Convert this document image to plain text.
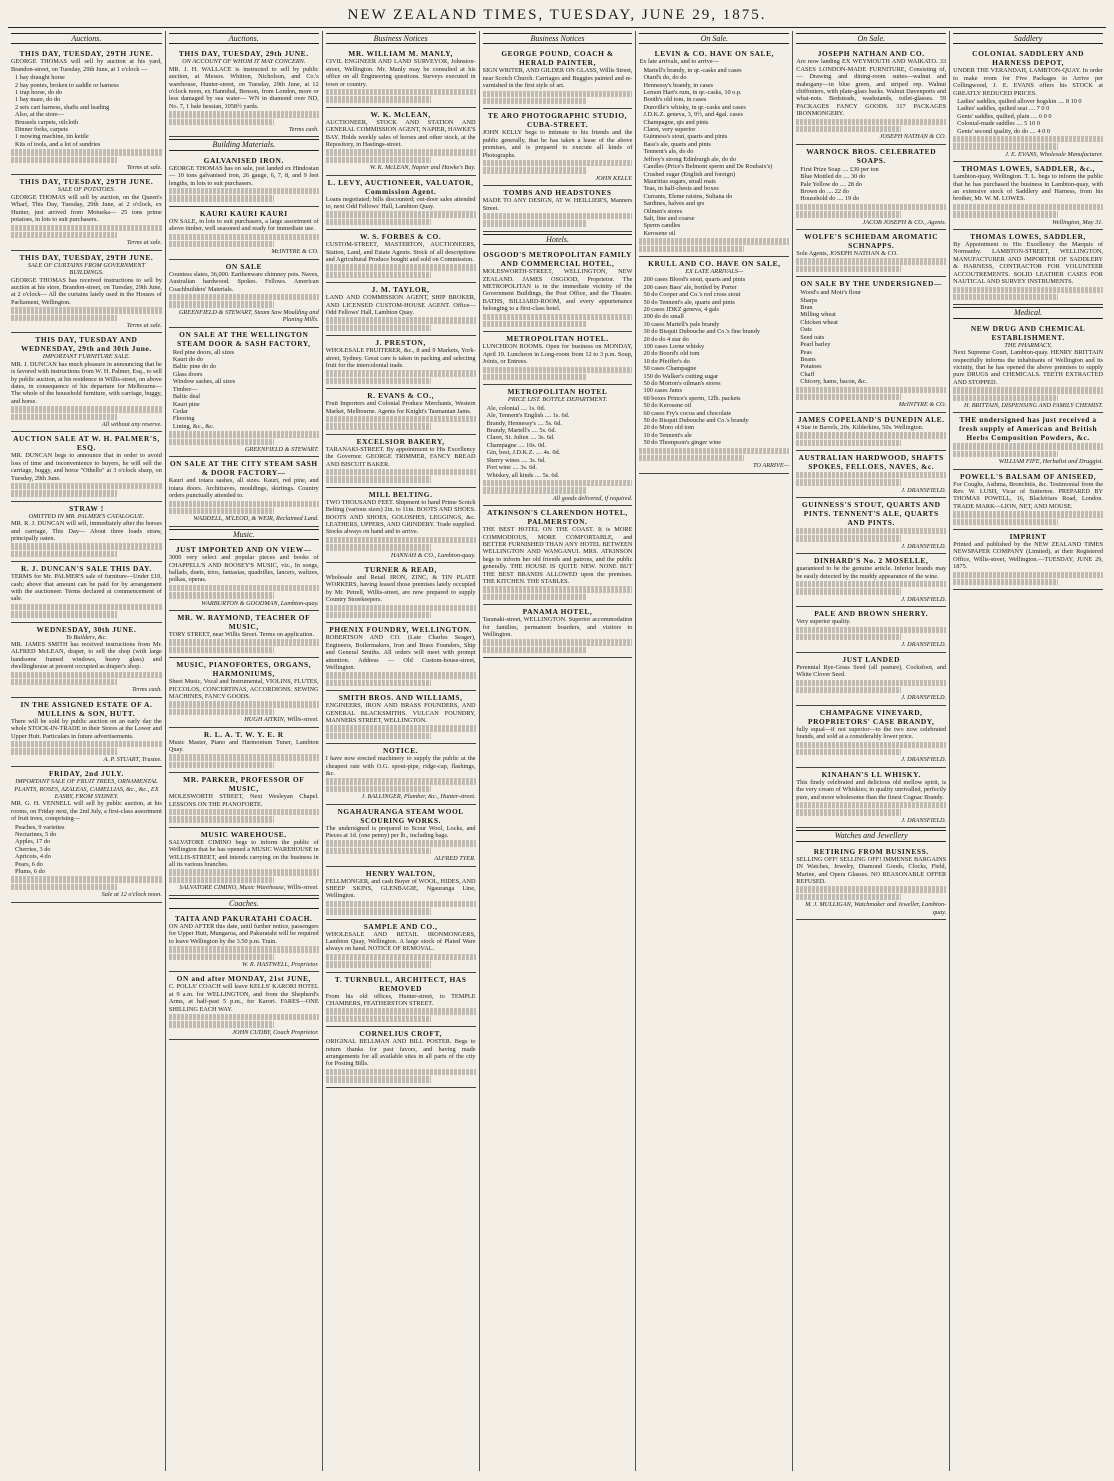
NEW ZEALAND TIMES, TUESDAY, JUNE 29, 1875.
Auctions.
THIS DAY, TUESDAY, 29TH JUNE.
GEORGE THOMAS will sell by auction at his yard, Brandon-street, on Tuesday, 29th June, at 1 o'clock —
1 bay draught horse
2 bay ponies, broken to saddle or harness
1 trap horse, do do
1 bay mare, do do
2 sets cart harness, shafts and leading
Also, at the store—
Brussels carpets, oilcloth
Dinner forks, carpets
1 mowing machine, tin kettle
Kits of tools, and a lot of sundries
Terms at sale.
THIS DAY, TUESDAY, 29TH JUNE.
SALE OF POTATOES.
GEORGE THOMAS will sell by auction, on the Queen's Wharf, This Day, Tuesday, 29th June, at 2 o'clock, ex Hunter, just arrived from Motueka— 25 tons prime potatoes, in lots to suit purchasers.
Terms at sale.
THIS DAY, TUESDAY, 29TH JUNE.
SALE OF CURTAINS FROM GOVERNMENT BUILDINGS.
GEORGE THOMAS has received instructions to sell by auction at his store, Brandon-street, on Tuesday, 29th June, at 2 o'clock— All the curtains lately used in the Houses of Parliament, Wellington.
Terms at sale.
THIS DAY, TUESDAY AND WEDNESDAY, 29th and 30th June.
IMPORTANT FURNITURE SALE.
MR. J. DUNCAN has much pleasure in announcing that he is favored with instructions from W. H. Palmer, Esq., to sell by public auction, at his residence in Willis-street, on above dates, in consequence of his departure for Melbourne— The whole of the household furniture, with carriage, buggy, and horse.
All without any reserve.
AUCTION SALE AT W. H. PALMER'S, ESQ.
MR. DUNCAN begs to announce that in order to avoid loss of time and inconvenience to buyers, he will sell the carriage, buggy, and horse "Othello" at 3 o'clock sharp, on Tuesday, 29th June.
STRAW !
OMITTED IN MR. PALMER'S CATALOGUE.
MR. R. J. DUNCAN will sell, immediately after the horses and carriage, This Day— About three loads straw, principally oaten.
R. J. DUNCAN'S SALE THIS DAY.
TERMS for Mr. PALMER'S sale of furniture—Under £10, cash; above that amount can be paid for by arrangement with the auctioneer. Terms declared at commencement of sale.
WEDNESDAY, 30th JUNE.
To Builders, &c.
MR. JAMES SMITH has received instructions from Mr. ALFRED McLEAN, draper, to sell the shop (with large handsome framed windows, heavy glass) and dwellinghouse at present occupied as draper's shop.
Terms cash.
IN THE ASSIGNED ESTATE OF A. MULLINS & SON, HUTT.
There will be sold by public auction on an early day the whole STOCK-IN-TRADE in their Stores at the Lower and Upper Hutt. Particulars in future advertisements.
A. P. STUART, Trustee.
FRIDAY, 2nd JULY.
IMPORTANT SALE OF FRUIT TREES, ORNAMENTAL PLANTS, ROSES, AZALEAS, CAMELLIAS, &c., &c., EX EASBY, FROM SYDNEY.
MR. G. H. VENNELL will sell by public auction, at his rooms, on Friday next, the 2nd July, a first-class assortment of fruit trees, comprising—
Peaches, 9 varieties
Nectarines, 5 do
Apples, 17 do
Cherries, 3 do
Apricots, 4 do
Pears, 6 do
Plums, 6 do
Sale at 12 o'clock noon.
Auctions.
THIS DAY, TUESDAY, 29th JUNE.
ON ACCOUNT OF WHOM IT MAY CONCERN.
MR. J. H. WALLACE is instructed to sell by public auction, at Messrs. Whitton, Nicholson, and Co.'s warehouse, Hunter-street, on Tuesday, 29th June, at 12 o'clock noon, ex Hannibal, Benson, from London, more or less damaged by sea water— WN in diamond over ND, No. 7, 1 bale hessian, 1058½ yards.
Terms cash.
Building Materials.
GALVANISED IRON.
GEORGE THOMAS has on sale, just landed ex Hindostan— 10 tons galvanised iron, 26 gauge, 6, 7, 8, and 9 feet lengths, in lots to suit purchasers.
KAURI KAURI KAURI
ON SALE, in lots to suit purchasers, a large assortment of above timber, well seasoned and ready for immediate use.
McINTYRE & CO.
ON SALE
Countess slates, 36,000. Earthenware chimney pots. Naves, Australian hardwood. Spokes. Fellows. American Coachbuilders' Materials.
GREENFIELD & STEWART, Steam Saw Moulding and Planing Mills.
ON SALE AT THE WELLINGTON STEAM DOOR & SASH FACTORY,
Red pine doors, all sizes
Kauri do do
Baltic pine do do
Glass doors
Window sashes, all sizes
Timber—
Baltic deal
Kauri pine
Cedar
Flooring
Lining, &c., &c.
GREENFIELD & STEWART.
ON SALE AT THE CITY STEAM SASH & DOOR FACTORY—
Kauri and totara sashes, all sizes. Kauri, red pine, and totara doors. Architraves, mouldings, skirtings. Country orders punctually attended to.
WADDELL, M'LEOD, & WEIR, Reclaimed Land.
Music.
JUST IMPORTED AND ON VIEW—
3000 very select and popular pieces and books of CHAPPELL'S AND BOOSEY'S MUSIC, viz., In songs, ballads, duets, trios, fantasias, quadrilles, lancers, waltzes, polkas, operas.
WARBURTON & GOODMAN, Lambton-quay.
MR. W. RAYMOND, TEACHER OF MUSIC,
TORY STREET, near Willis Street. Terms on application.
MUSIC, PIANOFORTES, ORGANS, HARMONIUMS,
Sheet Music, Vocal and Instrumental, VIOLINS, FLUTES, PICCOLOS, CONCERTINAS, ACCORDIONS. SEWING MACHINES, FANCY GOODS.
HUGH AITKIN, Willis-street.
R. L. A. T. W. Y. E. R
Music Master, Piano and Harmonium Tuner, Lambton Quay.
MR. PARKER, PROFESSOR OF MUSIC,
MOLESWORTH STREET, Next Wesleyan Chapel. LESSONS ON THE PIANOFORTE.
MUSIC WAREHOUSE.
SALVATORE CIMINO begs to inform the public of Wellington that he has opened a MUSIC WAREHOUSE in WILLIS-STREET, and intends carrying on the business in all its various branches.
SALVATORE CIMINO, Music Warehouse, Willis-street.
Coaches.
TAITA AND PAKURATAHI COACH.
ON AND AFTER this date, until further notice, passengers for Upper Hutt, Mungaroa, and Pakuratahi will be required to leave Wellington by the 3.50 p.m. Train.
W. R. HASTWELL, Proprietor.
ON and after MONDAY, 21st JUNE,
C. POLLS' COACH will leave KELLS' KARORI HOTEL at 9 a.m. for WELLINGTON, and from the Shepherd's Arms, at half-past 5 p.m., for Karori. FARES—ONE SHILLING EACH WAY.
JOHN CUDBY, Coach Proprietor.
Business Notices
MR. WILLIAM M. MANLY,
CIVIL ENGINEER AND LAND SURVEYOR, Johnston-street, Wellington. Mr. Manly may be consulted at his office on all Engineering questions. Surveys executed in town or country.
W. K. McLEAN,
AUCTIONEER, STOCK AND STATION AND GENERAL COMMISSION AGENT, NAPIER, HAWKE'S BAY. Holds weekly sales of horses and other stock, at the Repository, in Hastings-street.
W. K. McLEAN, Napier and Hawke's Bay.
L. LEVY, AUCTIONEER, VALUATOR, Commission Agent.
Loans negotiated; bills discounted; out-door sales attended to, next Odd Fellows' Hall, Lambton Quay.
W. S. FORBES & CO.
CUSTOM-STREET, MASTERTON, AUCTIONEERS, Station, Land, and Estate Agents. Stock of all descriptions and Agricultural Produce bought and sold on Commission.
J. M. TAYLOR,
LAND AND COMMISSION AGENT, SHIP BROKER, AND LICENSED CUSTOM-HOUSE AGENT. Office—Odd Fellows' Hall, Lambton Quay.
J. PRESTON,
WHOLESALE FRUITERER, &c., 8 and 9 Markets, York-street, Sydney. Great care is taken in packing and selecting fruit for the intercolonial trade.
R. EVANS & CO.,
Fruit Importers and Colonial Produce Merchants, Western Market, Melbourne. Agents for Knight's Tasmanian Jams.
EXCELSIOR BAKERY,
TARANAKI-STREET. By appointment to His Excellency the Governor. GEORGE TRIMMER, FANCY BREAD AND BISCUIT BAKER.
MILL BELTING.
TWO THOUSAND FEET. Shipment to hand Prime Scotch Belting (various sizes) 2in. to 11in. BOOTS AND SHOES. BOOTS AND SHOES, GOLOSHES, LEGGINGS, &c. LEATHERS, UPPERS, AND GRINDERY. Trade supplied. Stocks always on hand and to arrive.
HANNAH & CO., Lambton-quay.
TURNER & READ,
Wholesale and Retail IRON, ZINC, & TIN PLATE WORKERS, having leased those premises lately occupied by Mr. Petrell, Willis-street, are now prepared to supply Country Storekeepers.
PHŒNIX FOUNDRY, WELLINGTON.
ROBERTSON AND CO. (Late Charles Seager), Engineers, Boilermakers, Iron and Brass Founders, Ship and General Smiths. All orders will meet with prompt attention. Address — Old Custom-house-street, Wellington.
SMITH BROS. AND WILLIAMS,
ENGINEERS, IRON AND BRASS FOUNDERS, AND GENERAL BLACKSMITHS. VULCAN FOUNDRY, MANNERS STREET, WELLINGTON.
NOTICE.
I have now erected machinery to supply the public at the cheapest rate with O.G. spout-pipe, ridge-cap, flashings, &c.
J. BALLINGER, Plumber, &c., Hunter-street.
NGAHAURANGA STEAM WOOL SCOURING WORKS.
The undersigned is prepared to Scour Wool, Locks, and Pieces at 1d. (one penny) per lb., including bags.
ALFRED TYER.
HENRY WALTON,
FELLMONGER, and cash Buyer of WOOL, HIDES, AND SHEEP SKINS, GLENBAGIE, Ngauranga Line, Wellington.
SAMPLE AND CO.,
WHOLESALE AND RETAIL IRONMONGERS, Lambton Quay, Wellington. A large stock of Plated Ware always on hand. NOTICE OF REMOVAL.
T. TURNBULL, ARCHITECT, HAS REMOVED
From his old offices, Hunter-street, to TEMPLE CHAMBERS, FEATHERSTON STREET.
CORNELIUS CROFT,
ORIGINAL BELLMAN AND BILL POSTER. Begs to return thanks for past favors, and having made arrangements for all available sites in all parts of the city for Posting Bills.
Business Notices
GEORGE POUND, COACH & HERALD PAINTER,
SIGN WRITER, AND GILDER ON GLASS, Willis Street, near Scotch Church. Carriages and Buggies painted and re-varnished in the first style of art.
TE ARO PHOTOGRAPHIC STUDIO, CUBA-STREET.
JOHN KELLY begs to intimate to his friends and the public generally, that he has taken a lease of the above premises, and is prepared to execute all kinds of Photographs.
JOHN KELLY.
TOMBS AND HEADSTONES
MADE TO ANY DESIGN, AT W. HEILLIER'S, Manners Street.
Hotels.
OSGOOD'S METROPOLITAN FAMILY AND COMMERCIAL HOTEL,
MOLESWORTH-STREET, WELLINGTON, NEW ZEALAND. JAMES OSGOOD, Proprietor. The METROPOLITAN is in the immediate vicinity of the Government Buildings, the Post Office, and the Theatre. BATHS, BILLIARD-ROOM, and every appurtenance belonging to a first-class hotel.
METROPOLITAN HOTEL.
LUNCHEON ROOMS. Open for business on MONDAY, April 19. Luncheon in Long-room from 12 to 3 p.m. Soup, Joints, or Entrees.
METROPOLITAN HOTEL
PRICE LIST. BOTTLE DEPARTMENT.
Ale, colonial .... 1s. 0d.
Ale, Tennent's English .... 1s. 6d.
Brandy, Hennessy's .... 5s. 6d.
Brandy, Martell's .... 5s. 6d.
Claret, St. Julien .... 3s. 6d.
Champagne .... 10s. 0d.
Gin, best, J.D.K.Z. .... 4s. 0d.
Sherry wines .... 3s. 6d.
Port wine .... 3s. 6d.
Whiskey, all kinds .... 5s. 6d.
All goods delivered, if required.
ATKINSON'S CLARENDON HOTEL, PALMERSTON.
THE BEST HOTEL ON THE COAST. It is MORE COMMODIOUS, MORE COMFORTABLE, and BETTER FURNISHED THAN ANY HOTEL BETWEEN WELLINGTON AND WANGANUI. MRS. ATKINSON begs to inform her old friends and patrons, and the public generally. THE HOUSE IS QUITE NEW. NONE BUT THE BEST BRANDS ALLOWED upon the premises. THE KITCHEN. THE STABLES.
PANAMA HOTEL,
Taranaki-street, WELLINGTON. Superior accommodation for families, permanent boarders, and visitors to Wellington.
On Sale.
LEVIN & CO. HAVE ON SALE,
Ex late arrivals, and to arrive—
Martell's brandy, in qr.-casks and cases
Otard's do, do do
Hennessy's brandy, in cases
Lemon Hart's rum, in qr.-casks, 10 o.p.
Booth's old tom, in cases
Dunville's whisky, in qr.-casks and cases
J.D.K.Z. geneva, 3, 9½, and 4gal. cases
Champagne, qts and pints
Claret, very superior
Guinness's stout, quarts and pints
Bass's ale, quarts and pints
Tennent's ale, do do
Jeffrey's strong Edinburgh ale, do do
Candles (Price's Belmont sperm and De Roubaix's)
Crushed sugar (English and foreign)
Mauritius sugars, small mats
Teas, in half-chests and boxes
Currants, Eleme raisins, Sultana do
Sardines, halves and qrs
Oilmen's stores
Salt, fine and coarse
Sperm candles
Kerosene oil
KRULL AND CO. HAVE ON SALE,
EX LATE ARRIVALS—
200 cases Blood's stout, quarts and pints
200 cases Bass' ale, bottled by Porter
50 do Cooper and Co.'s red cross stout
50 do Tennent's ale, quarts and pints
20 cases JDKZ geneva, 4 gals
200 do do small
30 cases Martell's pale brandy
30 do Bisquit Dubouche and Co.'s fine brandy
20 do do 4 star do
100 cases Lorne whisky
20 do Boord's old tom
10 do Pfeiffer's do
50 cases Champagne
150 do Walker's cutting sugar
50 do Morton's oilman's stores
100 cases Jams
60 boxes Prince's sperm, 12lb. packets
50 do Kerosene oil
60 cases Fry's cocoa and chocolate
50 do Bisquit Dubouche and Co.'s brandy
20 do Moro old tom
10 do Tennent's ale
50 do Thompson's ginger wine
TO ARRIVE—
On Sale.
JOSEPH NATHAN AND CO.
Are now landing EX WEYMOUTH AND WAIKATO. 33 CASES LONDON-MADE FURNITURE, Consisting of,— Drawing and dining-room suites—walnut and mahogany—in blue green, and striped rep. Walnut chiffoniers, with plate-glass backs. Walnut Davenports and what-nots. Bedsteads, washstands, toilet-glasses. 59 PACKAGES FANCY GOODS. 317 PACKAGES IRONMONGERY.
JOSEPH NATHAN & CO.
WARNOCK BROS. CELEBRATED SOAPS.
First Prize Soap .... £30 per ton
Blue Mottled do .... 30 do
Pale Yellow do .... 28 do
Brown do .... 22 do
Household do .... 19 do
JACOB JOSEPH & CO., Agents.
WOLFE'S SCHIEDAM AROMATIC SCHNAPPS.
Sole Agents, JOSEPH NATHAN & CO.
ON SALE BY THE UNDERSIGNED—
Wood's and Moir's flour
Sharps
Bran
Milling wheat
Chicken wheat
Oats
Seed oats
Pearl barley
Peas
Beans
Potatoes
Chaff
Chicory, hams, bacon, &c.
McINTYRE & CO.
JAMES COPELAND'S DUNEDIN ALE.
4 Star in Barrels, 20s. Kilderkins, 50s. Wellington.
AUSTRALIAN HARDWOOD, SHAFTS SPOKES, FELLOES, NAVES, &c.
J. DRANSFIELD.
GUINNESS'S STOUT, QUARTS AND PINTS. TENNENT'S ALE, QUARTS AND PINTS.
J. DRANSFIELD.
DINHARD'S No. 2 MOSELLE,
guaranteed to be the genuine article. Inferior brands may be easily detected by the muddy appearance of the wine.
J. DRANSFIELD.
PALE AND BROWN SHERRY.
Very superior quality.
J. DRANSFIELD.
JUST LANDED
Perennial Rye-Grass Seed (all pasture), Cocksfoot, and White Clover Seed.
J. DRANSFIELD.
CHAMPAGNE VINEYARD, PROPRIETORS' CASE BRANDY,
fully equal—if not superior—to the two now celebrated brands, and sold at a considerably lower price.
J. DRANSFIELD.
KINAHAN'S LL WHISKY.
This finely celebrated and delicious old mellow spirit, is the very cream of Whiskies; in quality unrivalled, perfectly pure, and more wholesome than the finest Cognac Brandy.
J. DRANSFIELD.
Watches and Jewellery
RETIRING FROM BUSINESS.
SELLING OFF! SELLING OFF! IMMENSE BARGAINS IN Watches, Jewelry, Diamond Goods, Clocks, Field, Marine, and Opera Glasses. NO REASONABLE OFFER REFUSED.
M. J. MULLIGAN, Watchmaker and Jeweller, Lambton-quay.
Saddlery
COLONIAL SADDLERY AND HARNESS DEPOT,
UNDER THE VERANDAH, LAMBTON-QUAY. In order to make room for Five Packages to Arrive per Collingwood, J. E. EVANS offers his STOCK at GREATLY REDUCED PRICES.
Ladies' saddles, quilted allover hogskin .... 8 10 0
Ladies' saddles, quilted seat .... 7 0 0
Gents' saddles, quilted, plain .... 6 0 0
Colonial-made saddles .... 5 10 0
Gents' second quality, do do .... 4 0 0
J. E. EVANS, Wholesale Manufacturer.
THOMAS LOWES, SADDLER, &c.,
Lambton-quay, Wellington. T. L. begs to inform the public that he has purchased the business in Lambton-quay, with an extensive stock of Saddlery and Harness, from his brother, Mr. W. M. LOWES.
Wellington, May 31.
THOMAS LOWES, SADDLER,
By Appointment to His Excellency the Marquis of Normanby. LAMBTON-STREET, WELLINGTON, MANUFACTURER AND IMPORTER OF SADDLERY & HARNESS, CONTRACTOR FOR VOLUNTEER ACCOUTREMENTS. SOLID LEATHER CASES FOR NAUTICAL AND SURVEY INSTRUMENTS.
Medical.
NEW DRUG AND CHEMICAL ESTABLISHMENT.
THE PHARMACY,
Next Supreme Court, Lambton-quay. HENRY BRITTAIN respectfully informs the inhabitants of Wellington and its vicinity, that he has opened the above premises to supply pure DRUGS and CHEMICALS. TEETH EXTRACTED AND STOPPED.
H. BRITTAIN, DISPENSING AND FAMILY CHEMIST.
THE undersigned has just received a fresh supply of American and British Herbs Composition Powders, &c.
WILLIAM FIFE, Herbalist and Druggist.
POWELL'S BALSAM OF ANISEED,
For Coughs, Asthma, Bronchitis, &c. Testimonial from the Rev. W. LUSH, Vicar of Sutterton. PREPARED BY THOMAS POWELL, 16, Blackfriars Road, London. TRADE MARK—LION, NET, AND MOUSE.
IMPRINT
Printed and published by the NEW ZEALAND TIMES NEWSPAPER COMPANY (Limited), at their Registered Office, Willis-street, Wellington.—TUESDAY, JUNE 29, 1875.
